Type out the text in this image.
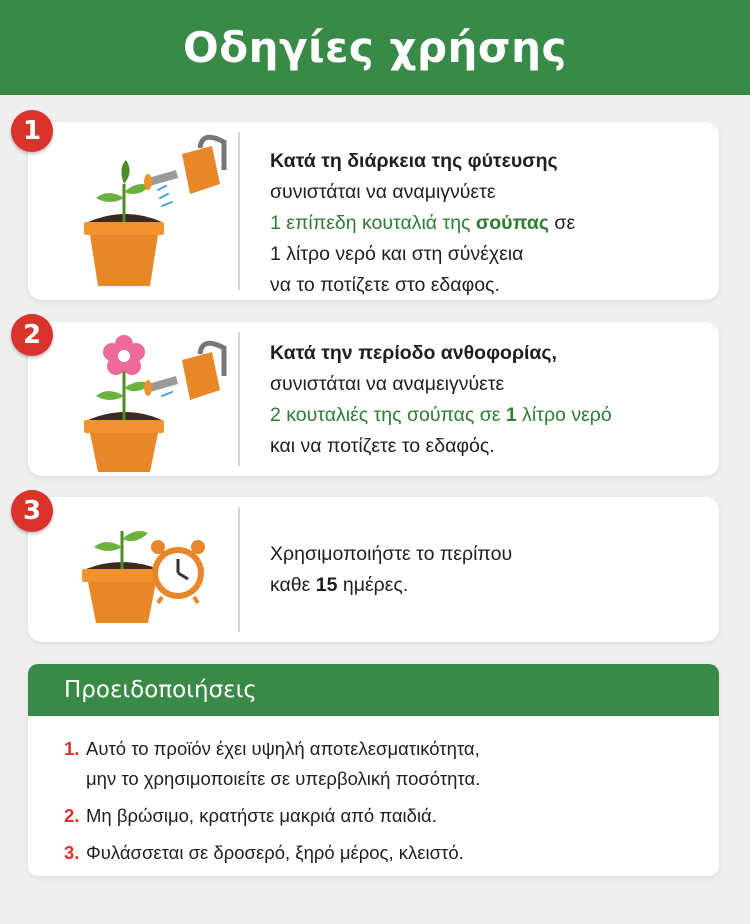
Οδηγίες χρήσης
Κατά τη διάρκεια της φύτευσης
συνιστάται να αναμιγνύετε
1 επίπεδη κουταλιά της σούπας σε
1 λίτρο νερό και στη σύνέχεια
να το ποτίζετε στο εδαφος.
1
Κατά την περίοδο ανθοφορίας,
συνιστάται να αναμειγνύετε
2 κουταλιές της σούπας σε 1 λίτρο νερό
και να ποτίζετε το εδαφός.
2
Χρησιμοποιήστε το περίπου
καθε 15 ημέρες.
3
Προειδοποιήσεις
1. Αυτό το προϊόν έχει υψηλή αποτελεσματικότητα,
μην το χρησιμοποιείτε σε υπερβολική ποσότητα.
2. Μη βρώσιμο, κρατήστε μακριά από παιδιά.
3. Φυλάσσεται σε δροσερό, ξηρό μέρος, κλειστό.
